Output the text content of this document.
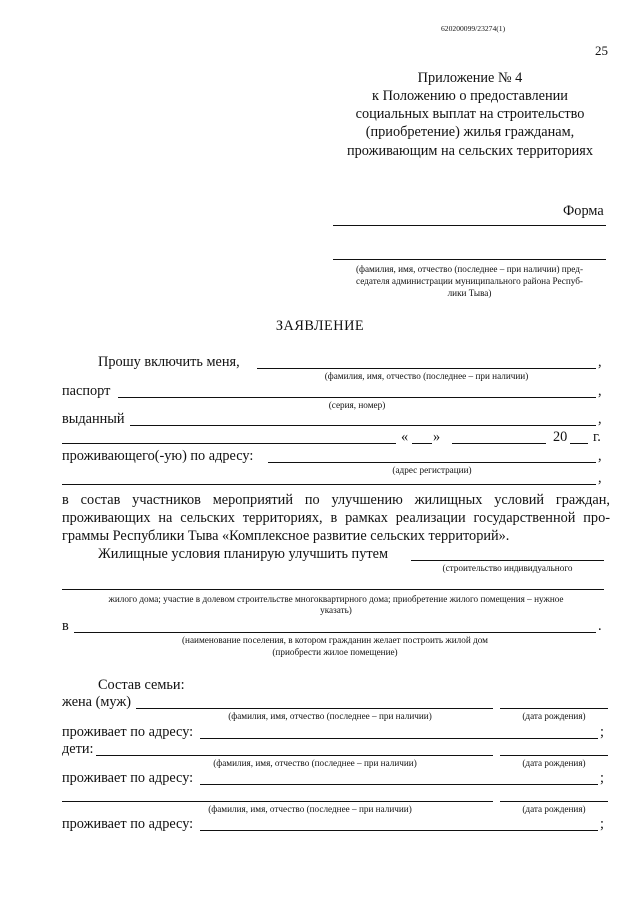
620200099/23274(1)
25
Приложение № 4
к Положению о предоставлении
социальных выплат на строительство
(приобретение) жилья гражданам,
проживающим на сельских территориях
Форма
(фамилия, имя, отчество (последнее – при наличии) пред-
седателя администрации муниципального района Респуб-
лики Тыва)
ЗАЯВЛЕНИЕ
Прошу включить меня,	,
(фамилия, имя, отчество (последнее – при наличии)
паспорт	,
(серия, номер)
выданный	,
« »	20 г.
проживающего(-ую) по адресу:	,
(адрес регистрации)	,
в состав участников мероприятий по улучшению жилищных условий граждан,
проживающих на сельских территориях, в рамках реализации государственной про-
граммы Республики Тыва «Комплексное развитие сельских территорий».
Жилищные условия планирую улучшить путем
(строительство индивидуального
жилого дома; участие в долевом строительстве многоквартирного дома; приобретение жилого помещения – нужное
указать)
в	.
(наименование поселения, в котором гражданин желает построить жилой дом
(приобрести жилое помещение)
Состав семьи:
жена (муж)
(фамилия, имя, отчество (последнее – при наличии)	(дата рождения)
проживает по адресу:	;
дети:
(фамилия, имя, отчество (последнее – при наличии)	(дата рождения)
проживает по адресу:	;
(фамилия, имя, отчество (последнее – при наличии)	(дата рождения)
проживает по адресу:	;
